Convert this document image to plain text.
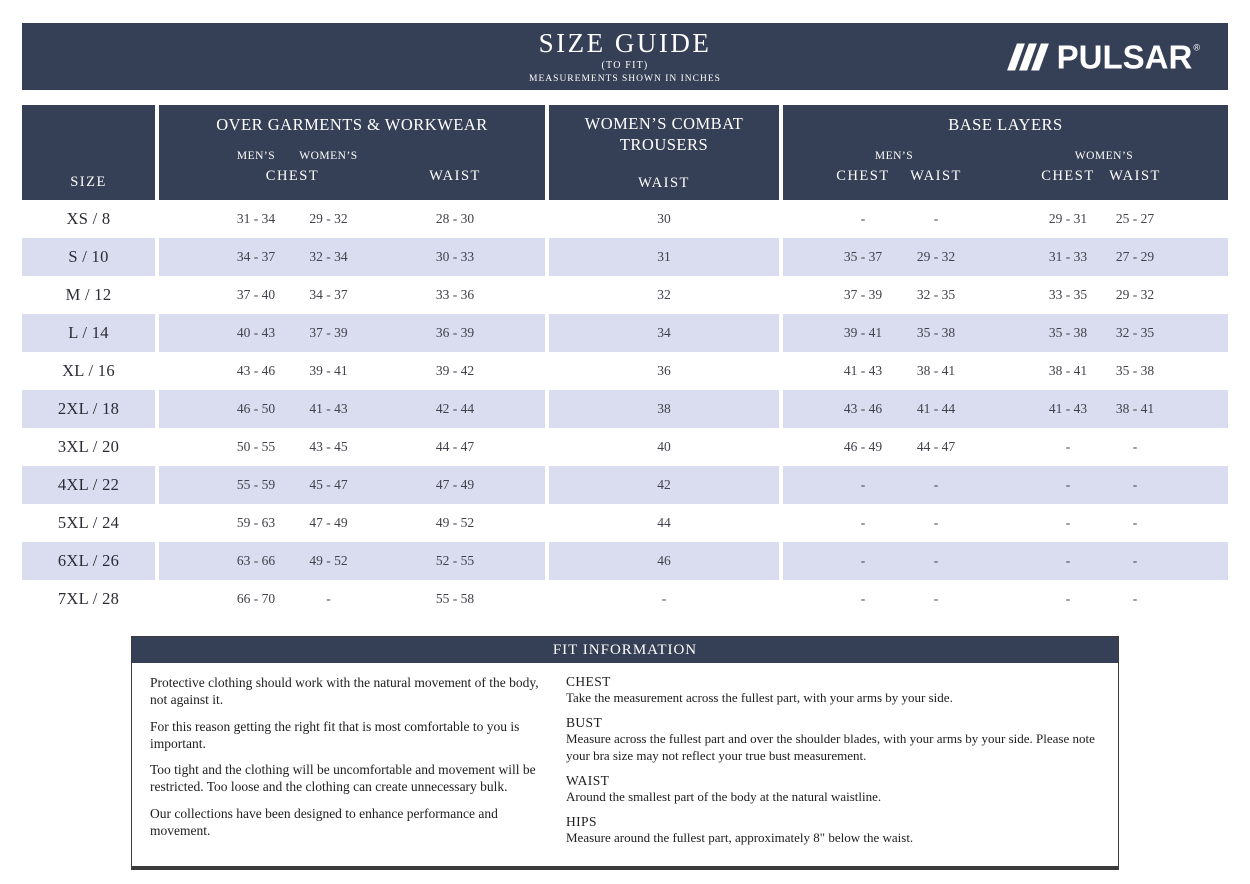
SIZE GUIDE
(TO FIT)
MEASUREMENTS SHOWN IN INCHES
PULSAR ®
SIZE
OVER GARMENTS & WORKWEAR
MEN’S	WOMEN’S
CHEST	WAIST
WOMEN’S COMBAT TROUSERS
WAIST
BASE LAYERS
MEN’S	WOMEN’S
CHEST	WAIST	CHEST WAIST
XS / 8	31 - 34	29 - 32	28 - 30	30	-	-	29 - 31	25 - 27
S / 10	34 - 37	32 - 34	30 - 33	31	35 - 37	29 - 32	31 - 33	27 - 29
M / 12	37 - 40	34 - 37	33 - 36	32	37 - 39	32 - 35	33 - 35	29 - 32
L / 14	40 - 43	37 - 39	36 - 39	34	39 - 41	35 - 38	35 - 38	32 - 35
XL / 16	43 - 46	39 - 41	39 - 42	36	41 - 43	38 - 41	38 - 41	35 - 38
2XL / 18	46 - 50	41 - 43	42 - 44	38	43 - 46	41 - 44	41 - 43	38 - 41
3XL / 20	50 - 55	43 - 45	44 - 47	40	46 - 49	44 - 47	-	-
4XL / 22	55 - 59	45 - 47	47 - 49	42	-	-	-	-
5XL / 24	59 - 63	47 - 49	49 - 52	44	-	-	-	-
6XL / 26	63 - 66	49 - 52	52 - 55	46	-	-	-	-
7XL / 28	66 - 70	-	55 - 58	-	-	-	-	-
FIT INFORMATION

Protective clothing should work with the natural movement of the body, not against it.

For this reason getting the right fit that is most comfortable to you is important.

Too tight and the clothing will be uncomfortable and movement will be restricted. Too loose and the clothing can create unnecessary bulk.

Our collections have been designed to enhance performance and movement.

CHEST
Take the measurement across the fullest part, with your arms by your side.
BUST
Measure across the fullest part and over the shoulder blades, with your arms by your side. Please note your bra size may not reflect your true bust measurement.
WAIST
Around the smallest part of the body at the natural waistline.
HIPS
Measure around the fullest part, approximately 8" below the waist.
